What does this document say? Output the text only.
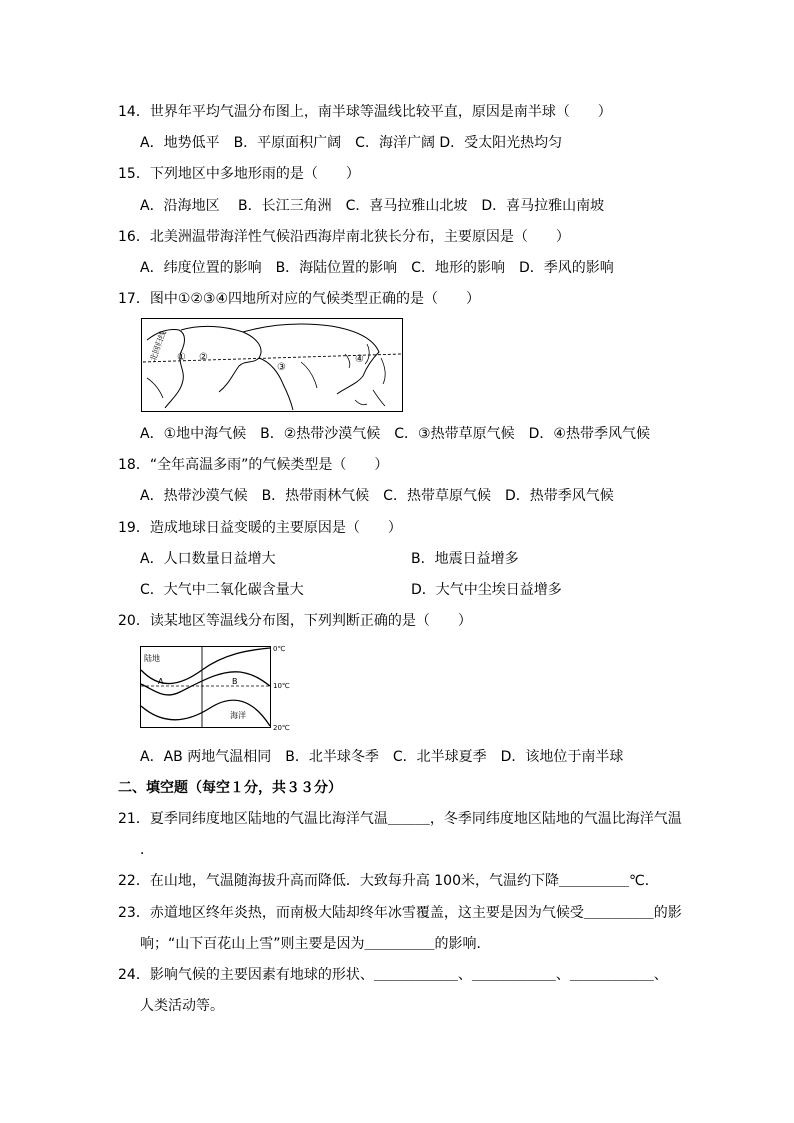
14．世界年平均气温分布图上，南半球等温线比较平直，原因是南半球（　　）
A．地势低平　B．平原面积广阔　C．海洋广阔 D．受太阳光热均匀
15．下列地区中多地形雨的是（　　）
A．沿海地区　 B．长江三角洲　C．喜马拉雅山北坡　D．喜马拉雅山南坡
16．北美洲温带海洋性气候沿西海岸南北狭长分布，主要原因是（　　）
A．纬度位置的影响　B．海陆位置的影响　C．地形的影响　D．季风的影响
17．图中①②③④四地所对应的气候类型正确的是（　　）
北回归线 ① ②
③
④
A．①地中海气候　B．②热带沙漠气候　C．③热带草原气候　D．④热带季风气候
18．“全年高温多雨”的气候类型是（　　）
A．热带沙漠气候　B．热带雨林气候　C．热带草原气候　D．热带季风气候
19．造成地球日益变暖的主要原因是（　　）
A．人口数量日益增大	B．地震日益增多
C．大气中二氧化碳含量大	D．大气中尘埃日益增多
20．读某地区等温线分布图，下列判断正确的是（　　）
陆地
海洋
A	B
0℃
10℃
20℃
A．AB 两地气温相同　B．北半球冬季　C．北半球夏季　D．该地位于南半球
二、填空题（每空１分，共３３分）
21．夏季同纬度地区陆地的气温比海洋气温＿＿＿，冬季同纬度地区陆地的气温比海洋气温
．
22．在山地，气温随海拔升高而降低．大致每升高 100米，气温约下降＿＿＿＿＿℃．
23．赤道地区终年炎热，而南极大陆却终年冰雪覆盖，这主要是因为气候受＿＿＿＿＿的影
响；“山下百花山上雪”则主要是因为＿＿＿＿＿的影响．
24．影响气候的主要因素有地球的形状、＿＿＿＿＿＿、＿＿＿＿＿＿、＿＿＿＿＿＿、
人类活动等。
